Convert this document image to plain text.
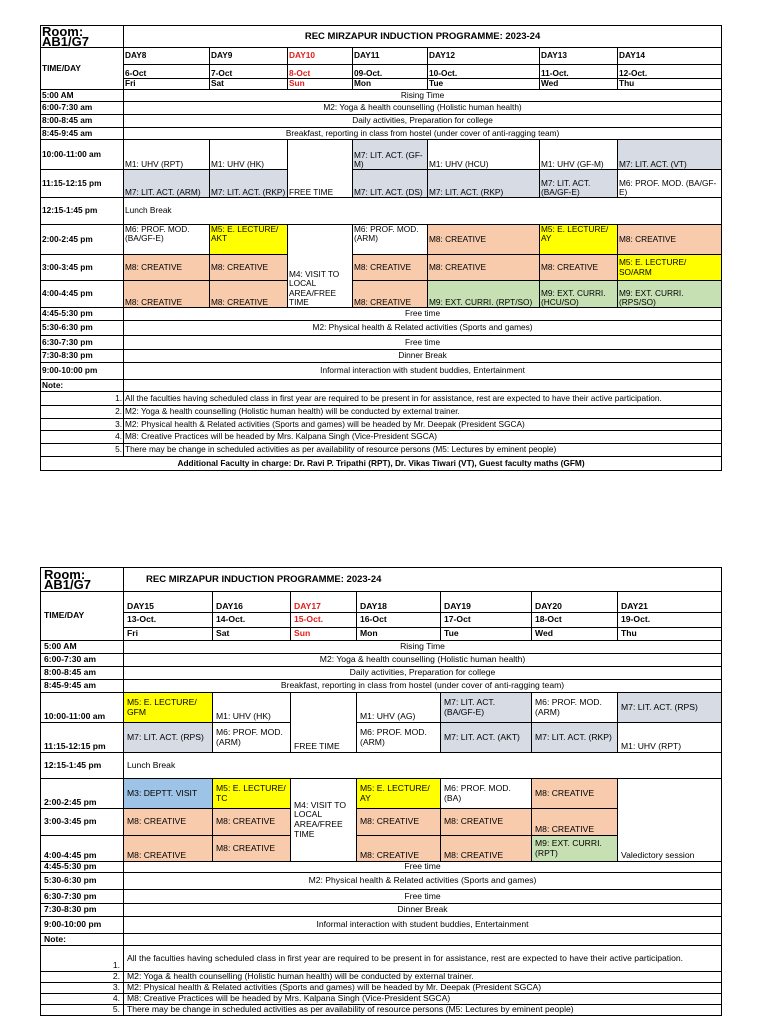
Room: AB1/G7	REC MIRZAPUR INDUCTION PROGRAMME: 2023-24						
TIME/DAY	DAY8	DAY9	DAY10	DAY11	DAY12	DAY13	DAY14
	6-Oct	7-Oct	8-Oct	09-Oct.	10-Oct.	11-Oct.	12-Oct.
	Fri	Sat	Sun	Mon	Tue	Wed	Thu
5:00 AM	Rising Time						
6:00-7:30 am	M2: Yoga & health counselling (Holistic human health)						
8:00-8:45 am	Daily activities, Preparation for college						
8:45-9:45 am	Breakfast, reporting in class from hostel (under cover of anti-ragging team)						
10:00-11:00 am	M1: UHV (RPT)	M1: UHV (HK)	FREE TIME	M7: LIT. ACT. (GF-M)	M1: UHV (HCU)	M1: UHV (GF-M)	M7: LIT. ACT. (VT)
11:15-12:15 pm	M7: LIT. ACT. (ARM)	M7: LIT. ACT. (RKP)		M7: LIT. ACT. (DS)	M7: LIT. ACT. (RKP)	M7: LIT. ACT. (BA/GF-E)	M6: PROF. MOD. (BA/GF-E)
12:15-1:45 pm	Lunch Break						
2:00-2:45 pm	M6: PROF. MOD. (BA/GF-E)	M5: E. LECTURE/ AKT	M4: VISIT TO LOCAL AREA/FREE TIME	M6: PROF. MOD. (ARM)	M8: CREATIVE	M5: E. LECTURE/ AY	M8: CREATIVE
3:00-3:45 pm	M8: CREATIVE	M8: CREATIVE		M8: CREATIVE	M8: CREATIVE	M8: CREATIVE	M5: E. LECTURE/ SO/ARM
4:00-4:45 pm	M8: CREATIVE	M8: CREATIVE		M8: CREATIVE	M9: EXT. CURRI. (RPT/SO)	M9: EXT. CURRI. (HCU/SO)	M9: EXT. CURRI. (RPS/SO)
4:45-5:30 pm	Free time						
5:30-6:30 pm	M2: Physical health & Related activities (Sports and games)						
6:30-7:30 pm	Free time						
7:30-8:30 pm	Dinner Break						
9:00-10:00 pm	Informal interaction with student buddies, Entertainment						
Note:							
1.	All the faculties having scheduled class in first year are required to be present in for assistance, rest are expected to have their active participation.						
2.	M2: Yoga & health counselling (Holistic human health) will be conducted by external trainer.						
3.	M2: Physical health & Related activities (Sports and games) will be headed by Mr. Deepak (President SGCA)						
4.	M8: Creative Practices will be headed by Mrs. Kalpana Singh (Vice-President SGCA)						
5.	There may be change in scheduled activities as per availability of resource persons (M5: Lectures by eminent people)						
Additional Faculty in charge: Dr. Ravi P. Tripathi (RPT), Dr. Vikas Tiwari (VT), Guest faculty maths (GFM)							
Room: AB1/G7	REC MIRZAPUR INDUCTION PROGRAMME: 2023-24						
TIME/DAY	DAY15	DAY16	DAY17	DAY18	DAY19	DAY20	DAY21
	13-Oct.	14-Oct.	15-Oct.	16-Oct	17-Oct	18-Oct	19-Oct.
	Fri	Sat	Sun	Mon	Tue	Wed	Thu
5:00 AM	Rising Time						
6:00-7:30 am	M2: Yoga & health counselling (Holistic human health)						
8:00-8:45 am	Daily activities, Preparation for college						
8:45-9:45 am	Breakfast, reporting in class from hostel (under cover of anti-ragging team)						
10:00-11:00 am	M5: E. LECTURE/ GFM	M1: UHV (HK)	FREE TIME	M1: UHV (AG)	M7: LIT. ACT. (BA/GF-E)	M6: PROF. MOD. (ARM)	M7: LIT. ACT. (RPS)
11:15-12:15 pm	M7: LIT. ACT. (RPS)	M6: PROF. MOD. (ARM)		M6: PROF. MOD. (ARM)	M7: LIT. ACT. (AKT)	M7: LIT. ACT. (RKP)	M1: UHV (RPT)
12:15-1:45 pm	Lunch Break						
2:00-2:45 pm	M3: DEPTT. VISIT	M5: E. LECTURE/ TC	M4: VISIT TO LOCAL AREA/FREE TIME	M5: E. LECTURE/ AY	M6: PROF. MOD. (BA)	M8: CREATIVE	Valedictory session
3:00-3:45 pm	M8: CREATIVE	M8: CREATIVE		M8: CREATIVE	M8: CREATIVE	M8: CREATIVE	
4:00-4:45 pm	M8: CREATIVE	M8: CREATIVE		M8: CREATIVE	M8: CREATIVE	M9: EXT. CURRI. (RPT)	
4:45-5:30 pm	Free time						
5:30-6:30 pm	M2: Physical health & Related activities (Sports and games)						
6:30-7:30 pm	Free time						
7:30-8:30 pm	Dinner Break						
9:00-10:00 pm	Informal interaction with student buddies, Entertainment						
Note:							
1.	All the faculties having scheduled class in first year are required to be present in for assistance, rest are expected to have their active participation.						
2.	M2: Yoga & health counselling (Holistic human health) will be conducted by external trainer.						
3.	M2: Physical health & Related activities (Sports and games) will be headed by Mr. Deepak (President SGCA)						
4.	M8: Creative Practices will be headed by Mrs. Kalpana Singh (Vice-President SGCA)						
5.	There may be change in scheduled activities as per availability of resource persons (M5: Lectures by eminent people)						
